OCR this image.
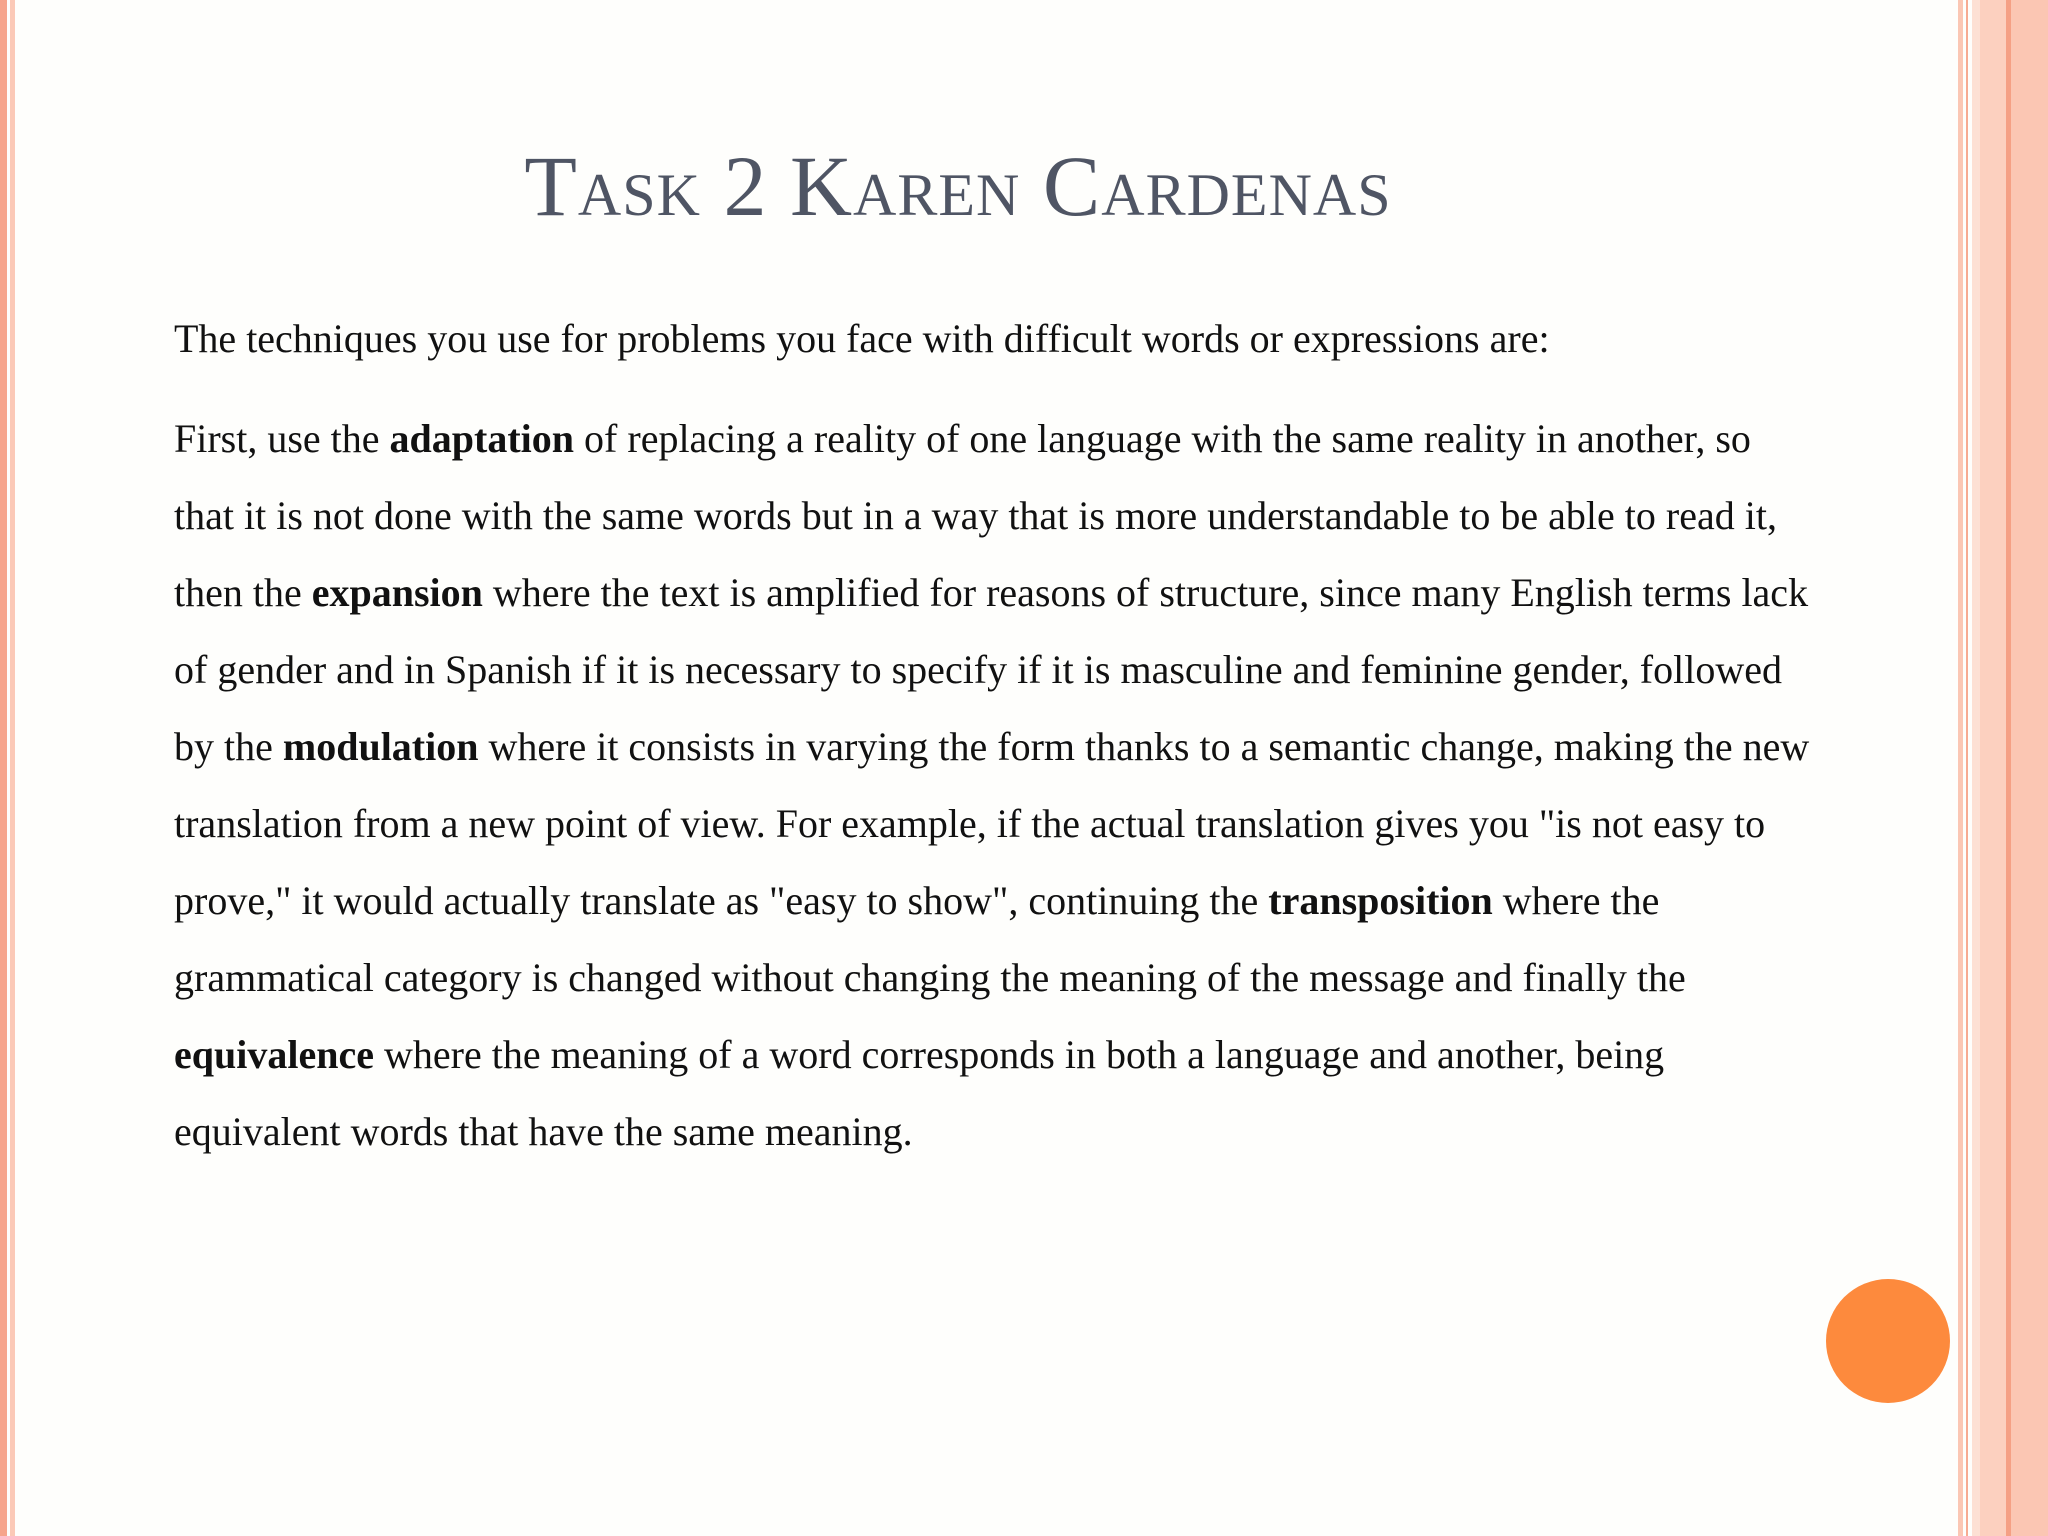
Task 2 Karen Cardenas

The techniques you use for problems you face with difficult words or expressions are:

First, use the adaptation of replacing a reality of one language with the same reality in another, so that it is not done with the same words but in a way that is more understandable to be able to read it, then the expansion where the text is amplified for reasons of structure, since many English terms lack of gender and in Spanish if it is necessary to specify if it is masculine and feminine gender, followed by the modulation where it consists in varying the form thanks to a semantic change, making the new translation from a new point of view. For example, if the actual translation gives you "is not easy to prove," it would actually translate as "easy to show", continuing the transposition where the grammatical category is changed without changing the meaning of the message and finally the equivalence where the meaning of a word corresponds in both a language and another, being equivalent words that have the same meaning.
